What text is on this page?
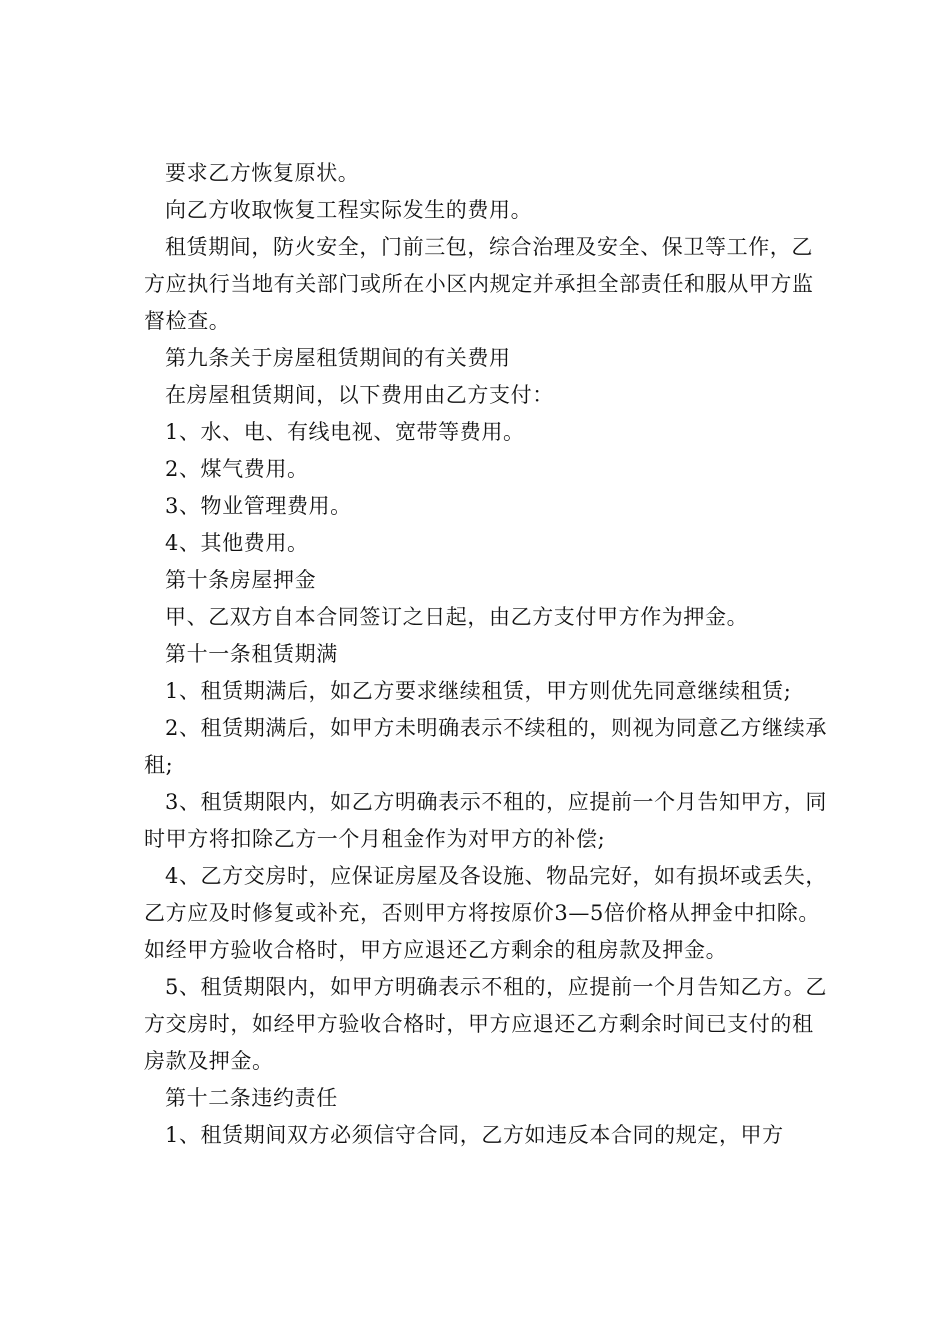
要求乙方恢复原状。

向乙方收取恢复工程实际发生的费用。

租赁期间，防火安全，门前三包，综合治理及安全、保卫等工作，乙方应执行当地有关部门或所在小区内规定并承担全部责任和服从甲方监督检查。

第九条关于房屋租赁期间的有关费用

在房屋租赁期间，以下费用由乙方支付：

1、水、电、有线电视、宽带等费用。

2、煤气费用。

3、物业管理费用。

4、其他费用。

第十条房屋押金

甲、乙双方自本合同签订之日起，由乙方支付甲方作为押金。

第十一条租赁期满

1、租赁期满后，如乙方要求继续租赁，甲方则优先同意继续租赁;

2、租赁期满后，如甲方未明确表示不续租的，则视为同意乙方继续承租;

3、租赁期限内，如乙方明确表示不租的，应提前一个月告知甲方，同时甲方将扣除乙方一个月租金作为对甲方的补偿;

4、乙方交房时，应保证房屋及各设施、物品完好，如有损坏或丢失，乙方应及时修复或补充，否则甲方将按原价3—5倍价格从押金中扣除。如经甲方验收合格时，甲方应退还乙方剩余的租房款及押金。

5、租赁期限内，如甲方明确表示不租的，应提前一个月告知乙方。乙方交房时，如经甲方验收合格时，甲方应退还乙方剩余时间已支付的租房款及押金。

第十二条违约责任

1、租赁期间双方必须信守合同，乙方如违反本合同的规定，甲方
